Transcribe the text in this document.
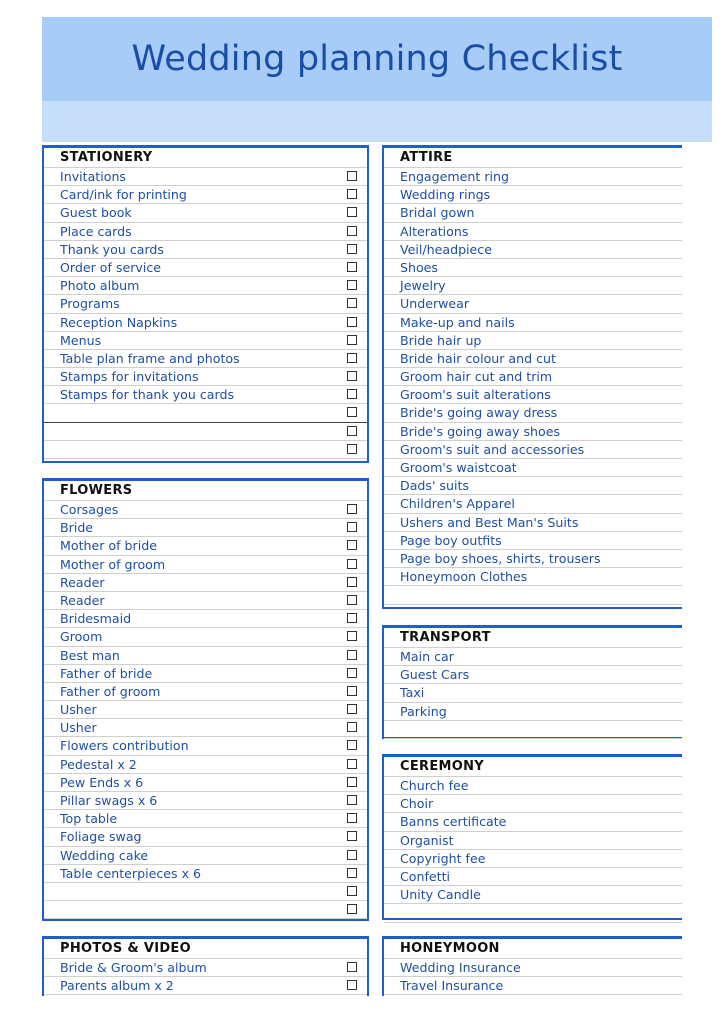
Wedding planning Checklist
STATIONERY
Invitations
Card/ink for printing
Guest book
Place cards
Thank you cards
Order of service
Photo album
Programs
Reception Napkins
Menus
Table plan frame and photos
Stamps for invitations
Stamps for thank you cards
FLOWERS
Corsages
Bride
Mother of bride
Mother of groom
Reader
Reader
Bridesmaid
Groom
Best man
Father of bride
Father of groom
Usher
Usher
Flowers contribution
Pedestal x 2
Pew Ends x 6
Pillar swags x 6
Top table
Foliage swag
Wedding cake
Table centerpieces x 6
PHOTOS & VIDEO
Bride & Groom's album
Parents album x 2
ATTIRE
Engagement ring
Wedding rings
Bridal gown
Alterations
Veil/headpiece
Shoes
Jewelry
Underwear
Make-up and nails
Bride hair up
Bride hair colour and cut
Groom hair cut and trim
Groom's suit alterations
Bride's going away dress
Bride's going away shoes
Groom's suit and accessories
Groom's waistcoat
Dads' suits
Children's Apparel
Ushers and Best Man's Suits
Page boy outfits
Page boy shoes, shirts, trousers
Honeymoon Clothes
TRANSPORT
Main car
Guest Cars
Taxi
Parking
CEREMONY
Church fee
Choir
Banns certificate
Organist
Copyright fee
Confetti
Unity Candle
HONEYMOON
Wedding Insurance
Travel Insurance
